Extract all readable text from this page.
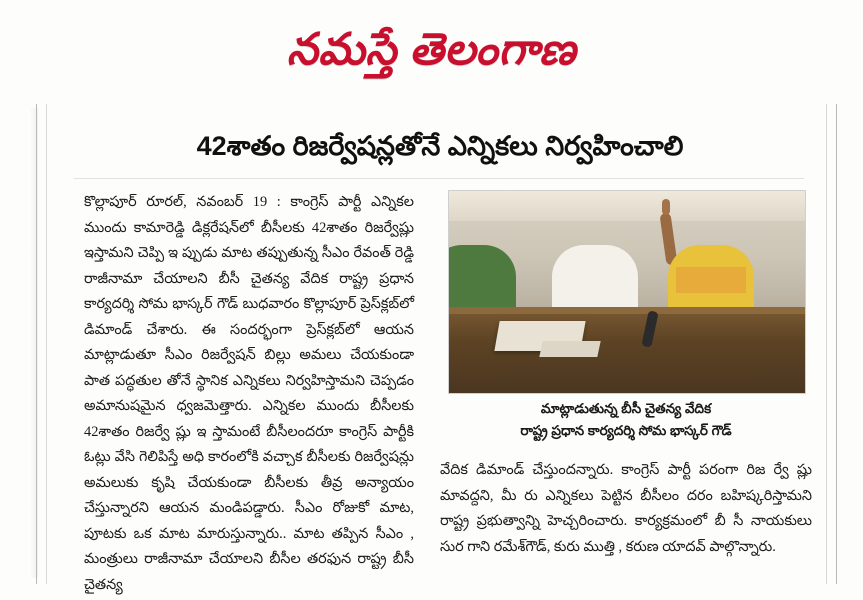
నమస్తే తెలంగాణ
42శాతం రిజర్వేషన్లతోనే ఎన్నికలు నిర్వహించాలి
కొల్లాపూర్ రూరల్, నవంబర్ 19 : కాంగ్రెస్ పార్టీ ఎన్నికల ముందు కామారెడ్డి డిక్లరేషన్‌లో బీసీలకు 42శాతం రిజర్వేష్లు ఇస్తామని చెప్పి ఇ ప్పుడు మాట తప్పుతున్న సీఎం రేవంత్ రెడ్డి రాజీనామా చేయాలని బీసీ చైతన్య వేదిక రాష్ట్ర ప్రధాన కార్యదర్శి సోమ భాస్కర్ గౌడ్ బుధవారం కొల్లాపూర్ ప్రెస్‌క్లబ్‌లో డిమాండ్ చేశారు. ఈ సందర్భంగా ప్రెస్‌క్లబ్‌లో ఆయన మాట్లాడుతూ సీఎం రిజర్వేషన్ బిల్లు అమలు చేయకుండా పాత పద్ధతుల తోనే స్థానిక ఎన్నికలు నిర్వహిస్తామని చెప్పడం అమానుషమైన ధ్వజమెత్తారు. ఎన్నికల ముందు బీసీలకు 42శాతం రిజర్వే ష్లు ఇ స్తామంటే బీసీలందరూ కాంగ్రెస్ పార్టీకి ఓట్లు వేసి గెలిపిస్తే అధి కారంలోకి వచ్చాక బీసీలకు రిజర్వేషన్లు అమలుకు కృషి చేయకుండా బీసీలకు తీవ్ర అన్యాయం చేస్తున్నారని ఆయన మండిపడ్డారు. సీఎం రోజుకో మాట, పూటకు ఒక మాట మారుస్తున్నారు.. మాట తప్పిన సీఎం , మంత్రులు రాజీనామా చేయాలని బీసీల తరఫున రాష్ట్ర బీసీ చైతన్య
మాట్లాడుతున్న బీసీ చైతన్య వేదిక
రాష్ట్ర ప్రధాన కార్యదర్శి సోమ భాస్కర్ గౌడ్
వేదిక డిమాండ్ చేస్తుందన్నారు. కాంగ్రెస్ పార్టీ పరంగా రిజ ర్వే ష్లు మావద్దని, మీ రు ఎన్నికలు పెట్టిన బీసీలం దరం బహిష్కరిస్తామని రాష్ట్ర ప్రభుత్వాన్ని హెచ్చరించారు. కార్యక్రమంలో బీ సీ నాయకులు సుర గాని రమేశ్‌గౌడ్, కురు ముత్తి , కరుణ యాదవ్ పాల్గొన్నారు.
